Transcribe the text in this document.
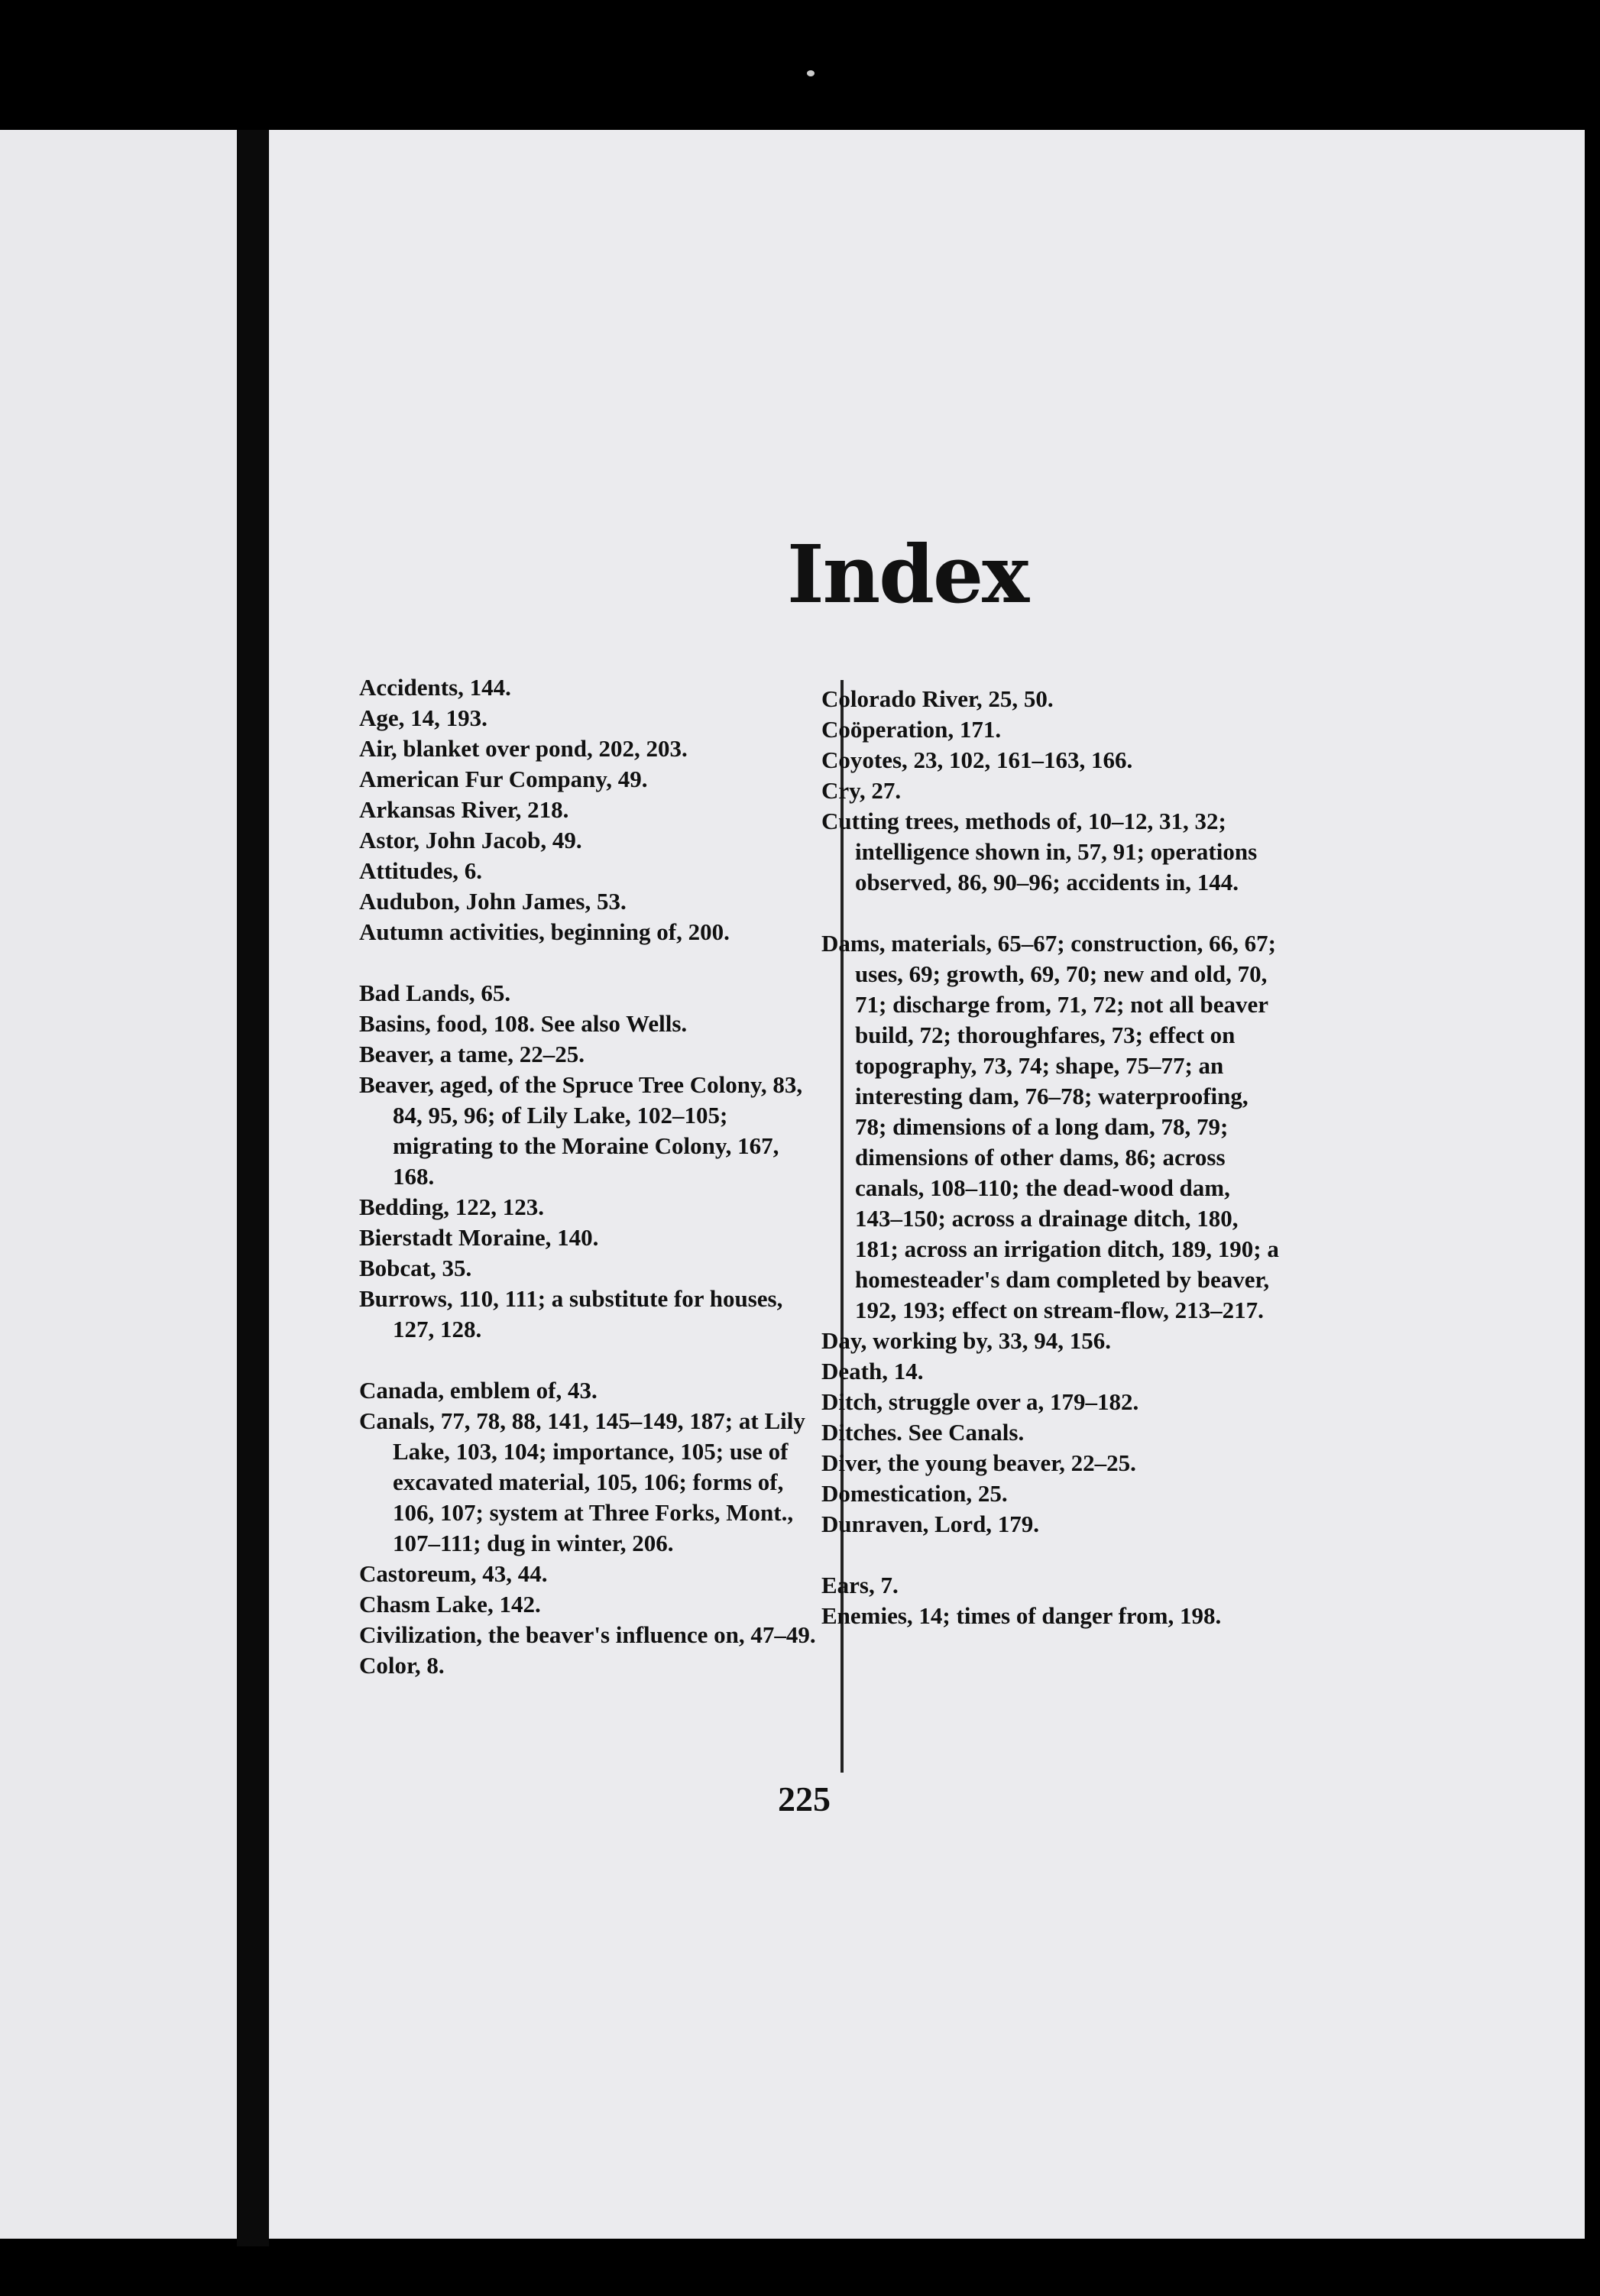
Index

Accidents, 144.

Age, 14, 193.

Air, blanket over pond, 202, 203.

American Fur Company, 49.

Arkansas River, 218.

Astor, John Jacob, 49.

Attitudes, 6.

Audubon, John James, 53.

Autumn activities, beginning of, 200.

Bad Lands, 65.

Basins, food, 108. See also Wells.

Beaver, a tame, 22–25.

Beaver, aged, of the Spruce Tree Colony, 83, 84, 95, 96; of Lily Lake, 102–105; migrating to the Moraine Colony, 167, 168.

Bedding, 122, 123.

Bierstadt Moraine, 140.

Bobcat, 35.

Burrows, 110, 111; a substitute for houses, 127, 128.

Canada, emblem of, 43.

Canals, 77, 78, 88, 141, 145–149, 187; at Lily Lake, 103, 104; importance, 105; use of excavated material, 105, 106; forms of, 106, 107; system at Three Forks, Mont., 107–111; dug in winter, 206.

Castoreum, 43, 44.

Chasm Lake, 142.

Civilization, the beaver's influence on, 47–49.

Color, 8.

Colorado River, 25, 50.

Coöperation, 171.

Coyotes, 23, 102, 161–163, 166.

Cry, 27.

Cutting trees, methods of, 10–12, 31, 32; intelligence shown in, 57, 91; operations observed, 86, 90–96; accidents in, 144.

Dams, materials, 65–67; construction, 66, 67; uses, 69; growth, 69, 70; new and old, 70, 71; discharge from, 71, 72; not all beaver build, 72; thoroughfares, 73; effect on topography, 73, 74; shape, 75–77; an interesting dam, 76–78; waterproofing, 78; dimensions of a long dam, 78, 79; dimensions of other dams, 86; across canals, 108–110; the dead-wood dam, 143–150; across a drainage ditch, 180, 181; across an irrigation ditch, 189, 190; a homesteader's dam completed by beaver, 192, 193; effect on stream-flow, 213–217.

Day, working by, 33, 94, 156.

Death, 14.

Ditch, struggle over a, 179–182.

Ditches. See Canals.

Diver, the young beaver, 22–25.

Domestication, 25.

Dunraven, Lord, 179.

Ears, 7.

Enemies, 14; times of danger from, 198.

225
